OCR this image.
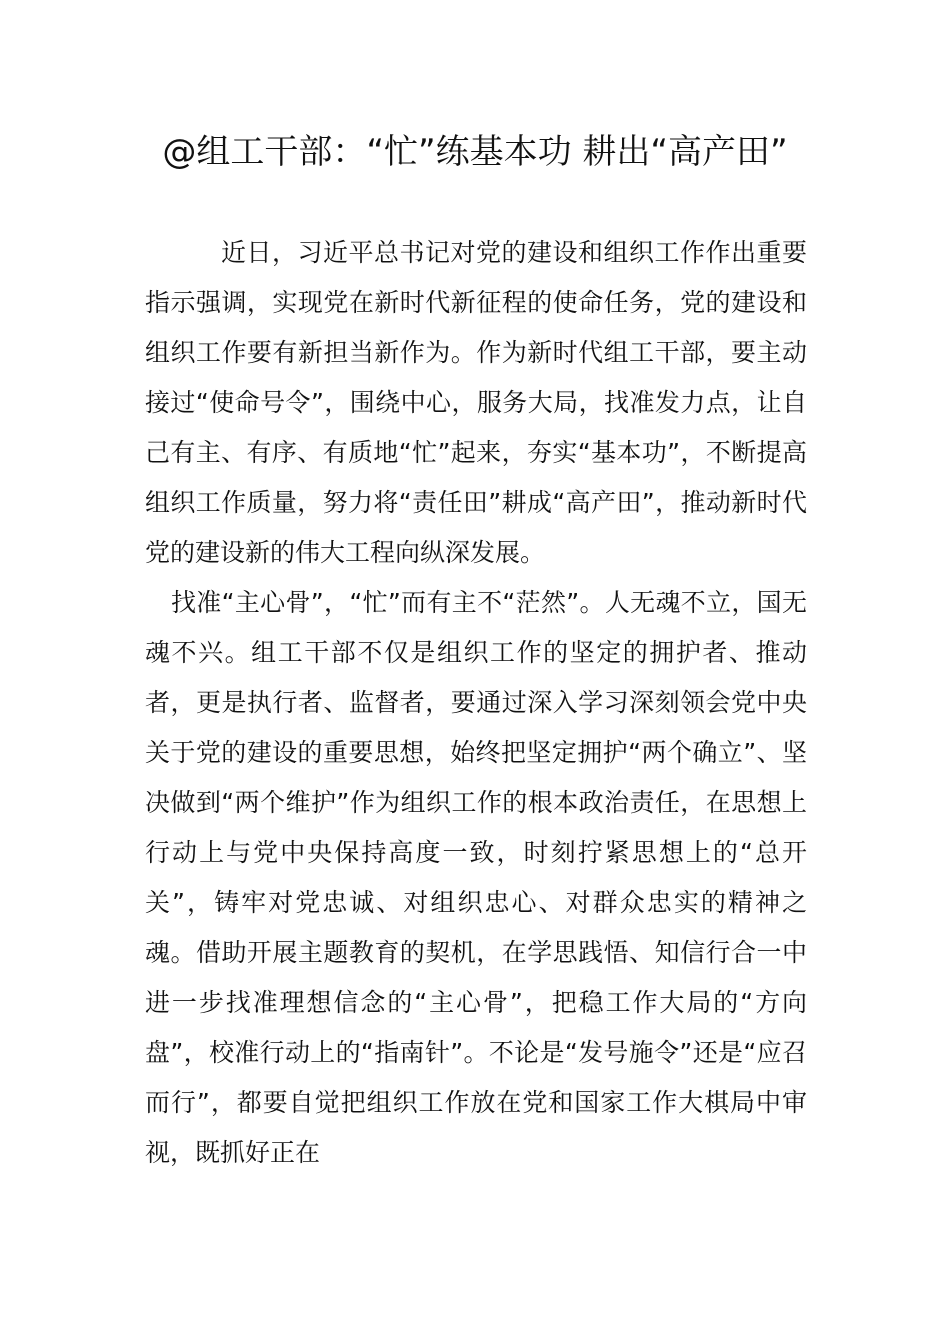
@组工干部：“忙”练基本功 耕出“高产田”

近日，习近平总书记对党的建设和组织工作作出重要指示强调，实现党在新时代新征程的使命任务，党的建设和组织工作要有新担当新作为。作为新时代组工干部，要主动接过“使命号令”，围绕中心，服务大局，找准发力点，让自己有主、有序、有质地“忙”起来，夯实“基本功”，不断提高组织工作质量，努力将“责任田”耕成“高产田”，推动新时代党的建设新的伟大工程向纵深发展。

找准“主心骨”，“忙”而有主不“茫然”。人无魂不立，国无魂不兴。组工干部不仅是组织工作的坚定的拥护者、推动者，更是执行者、监督者，要通过深入学习深刻领会党中央关于党的建设的重要思想，始终把坚定拥护“两个确立”、坚决做到“两个维护”作为组织工作的根本政治责任，在思想上行动上与党中央保持高度一致，时刻拧紧思想上的“总开关”，铸牢对党忠诚、对组织忠心、对群众忠实的精神之魂。借助开展主题教育的契机，在学思践悟、知信行合一中进一步找准理想信念的“主心骨”，把稳工作大局的“方向盘”，校准行动上的“指南针”。不论是“发号施令”还是“应召而行”，都要自觉把组织工作放在党和国家工作大棋局中审视，既抓好正在
